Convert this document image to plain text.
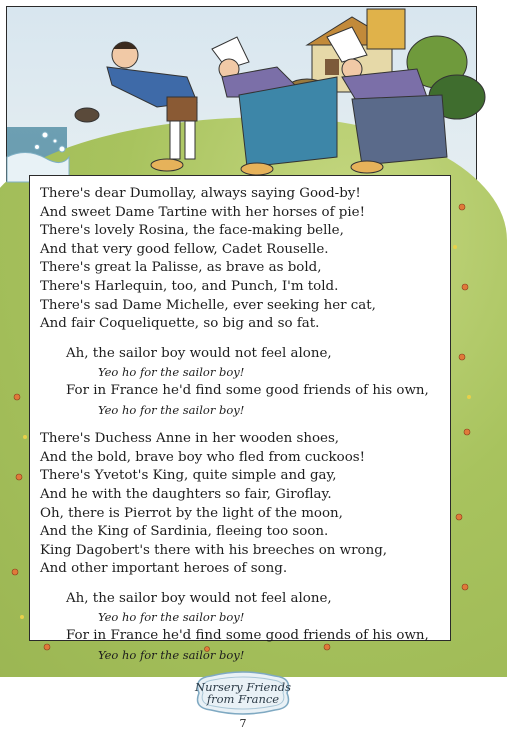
There's dear Dumollay, always saying Good-by!
And sweet Dame Tartine with her horses of pie!
There's lovely Rosina, the face-making belle,
And that very good fellow, Cadet Rouselle.
There's great la Palisse, as brave as bold,
There's Harlequin, too, and Punch, I'm told.
There's sad Dame Michelle, ever seeking her cat,
And fair Coqueliquette, so big and so fat.
Ah, the sailor boy would not feel alone,
Yeo ho for the sailor boy!
For in France he'd find some good friends of his own,
Yeo ho for the sailor boy!
There's Duchess Anne in her wooden shoes,
And the bold, brave boy who fled from cuckoos!
There's Yvetot's King, quite simple and gay,
And he with the daughters so fair, Giroflay.
Oh, there is Pierrot by the light of the moon,
And the King of Sardinia, fleeing too soon.
King Dagobert's there with his breeches on wrong,
And other important heroes of song.
Ah, the sailor boy would not feel alone,
Yeo ho for the sailor boy!
For in France he'd find some good friends of his own,
Yeo ho for the sailor boy!
Nursery Friends
from France
7
